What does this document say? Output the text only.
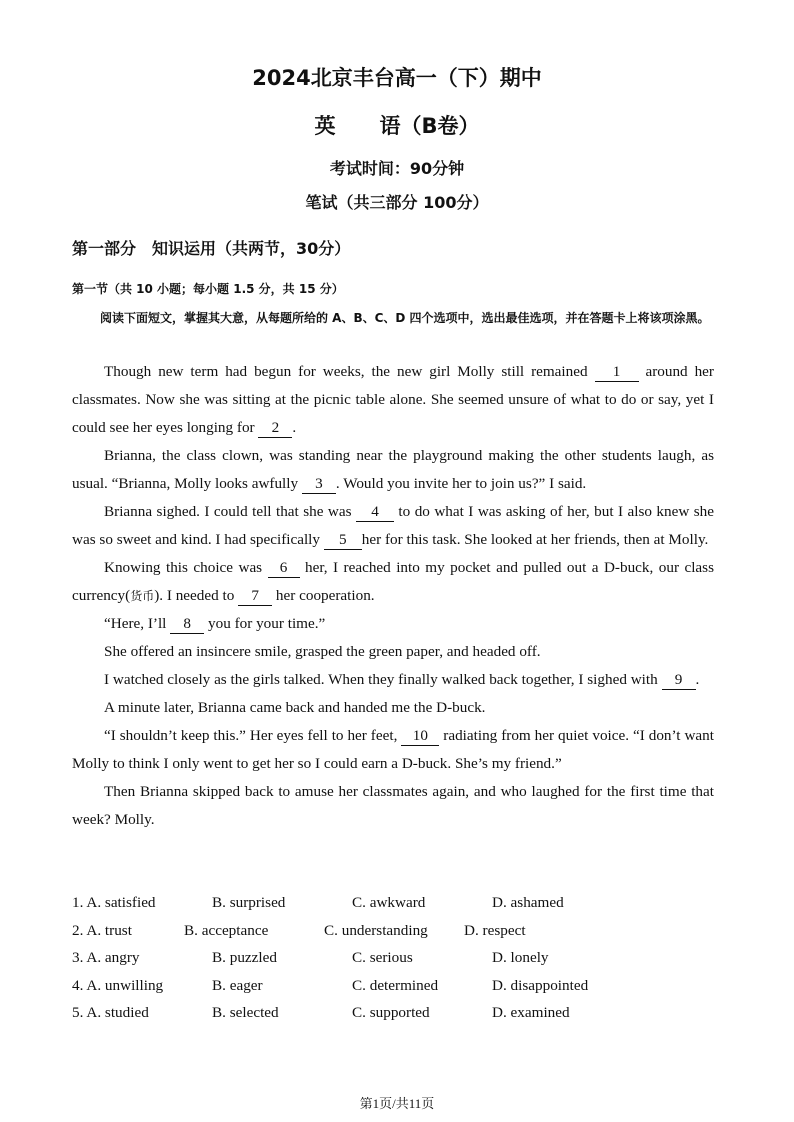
2024北京丰台高一（下）期中
英 语（B卷）
考试时间：90分钟
笔试（共三部分 100分）
第一部分 知识运用（共两节，30分）
第一节（共 10 小题；每小题 1.5 分，共 15 分）
阅读下面短文，掌握其大意，从每题所给的 A、B、C、D 四个选项中，选出最佳选项，并在答题卡上将该项涂黑。

Though new term had begun for weeks, the new girl Molly still remained 1 around her classmates. Now she was sitting at the picnic table alone. She seemed unsure of what to do or say, yet I could see her eyes longing for 2 .

Brianna, the class clown, was standing near the playground making the other students laugh, as usual. “Brianna, Molly looks awfully 3 . Would you invite her to join us?” I said.

Brianna sighed. I could tell that she was 4 to do what I was asking of her, but I also knew she was so sweet and kind. I had specifically 5 her for this task. She looked at her friends, then at Molly.

Knowing this choice was 6 her, I reached into my pocket and pulled out a D-buck, our class currency(货币). I needed to 7 her cooperation.

“Here, I’ll 8 you for your time.”

She offered an insincere smile, grasped the green paper, and headed off.

I watched closely as the girls talked. When they finally walked back together, I sighed with 9 .

A minute later, Brianna came back and handed me the D-buck.

“I shouldn’t keep this.” Her eyes fell to her feet, 10 radiating from her quiet voice. “I don’t want Molly to think I only went to get her so I could earn a D-buck. She’s my friend.”

Then Brianna skipped back to amuse her classmates again, and who laughed for the first time that week? Molly.

1. A. satisfied	B. surprised	C. awkward	D. ashamed
2. A. trust	B. acceptance	C. understanding D. respect
3. A. angry	B. puzzled	C. serious	D. lonely
4. A. unwilling	B. eager	C. determined	D. disappointed
5. A. studied	B. selected	C. supported	D. examined
第1页/共11页
